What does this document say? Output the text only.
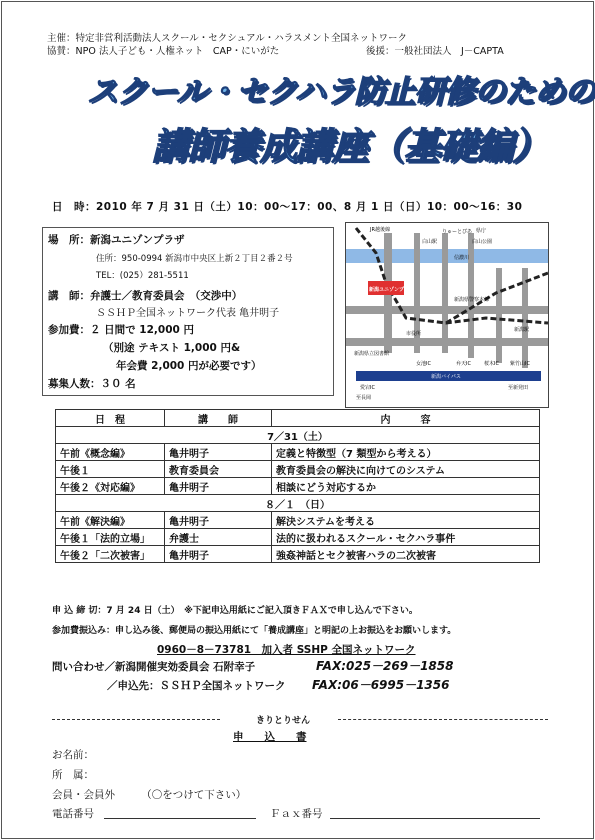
主催：特定非営利活動法人スクール・セクシュアル・ハラスメント全国ネットワーク
協賛：NPO 法人子ども・人権ネット　CAP・にいがた	後援：一般社団法人　J－CAPTA
スクール・セクハラ防止研修のための
講師養成講座（基礎編）
日　時：2010 年 7 月 31 日（土）10：00～17：00、8 月 1 日（日）10：00～16：30
場　所：新潟ユニゾンプラザ
住所：950-0994 新潟市中央区上新２丁目２番２号
TEL：(025）281-5511
講　師：弁護士／教育委員会　（交渉中）
ＳＳＨＰ全国ネットワーク代表 亀井明子
参加費：２ 日間で 12,000 円
（別途 テキスト 1,000 円&
年会費 2,000 円が必要です）
募集人数：３０ 名
JR越後線
白山駅
りゅーとぴあ
白山公園
県庁
信濃川
新潟ユニゾンプラザ
新潟県警察本部
市役所
新潟県立図書館
新潟駅
新潟バイパス
紫竹山IC
桜木IC
女池IC	弁天IC
愛宕IC	至新発田
至長岡
日　程	講　　師	内　　　容
7／31（土）		
午前《概念編》	亀井明子	定義と特徴型（7 類型から考える）
午後１	教育委員会	教育委員会の解決に向けてのシステム
午後２《対応編》	亀井明子	相談にどう対応するか
８／１　（日）		
午前《解決編》	亀井明子	解決システムを考える
午後１「法的立場」	弁護士	法的に扱われるスクール・セクハラ事件
午後２「二次被害」	亀井明子	強姦神話とセク被害ハラの二次被害
申 込 締 切：7 月 24 日（土）　※下記申込用紙にご記入頂きＦＡＸで申し込んで下さい。
参加費振込み：申し込み後、郵便局の振込用紙にて「養成講座」と明記の上お振込をお願いします。
0960－8－73781　加入者 SSHP 全国ネットワーク
問い合わせ／新潟開催実効委員会 石附幸子	FAX:025－269－1858
／申込先：ＳＳＨＰ全国ネットワーク FAX:06－6995－1356
きりとりせん
申　　込　　書
お名前：
所　属：
会員・会員外　　　（〇をつけて下さい）
電話番号	Ｆａｘ番号
